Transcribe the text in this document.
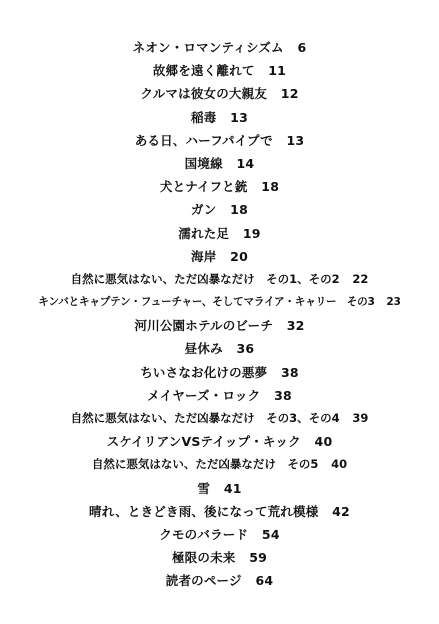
ネオン・ロマンティシズム 6
故郷を遠く離れて 11
クルマは彼女の大親友 12
稲毒 13
ある日、ハーフパイプで 13
国境線 14
犬とナイフと銃 18
ガン 18
濡れた足 19
海岸 20
自然に悪気はない、ただ凶暴なだけ　その1、その2 22
キンバとキャプテン・フューチャー、そしてマライア・キャリー　その3 23
河川公園ホテルのビーチ 32
昼休み 36
ちいさなお化けの悪夢 38
メイヤーズ・ロック 38
自然に悪気はない、ただ凶暴なだけ　その3、その4 39
スケイリアンVSテイップ・キック 40
自然に悪気はない、ただ凶暴なだけ　その5 40
雪 41
晴れ、ときどき雨、後になって荒れ模様 42
クモのバラード 54
極限の未来 59
読者のページ 64
